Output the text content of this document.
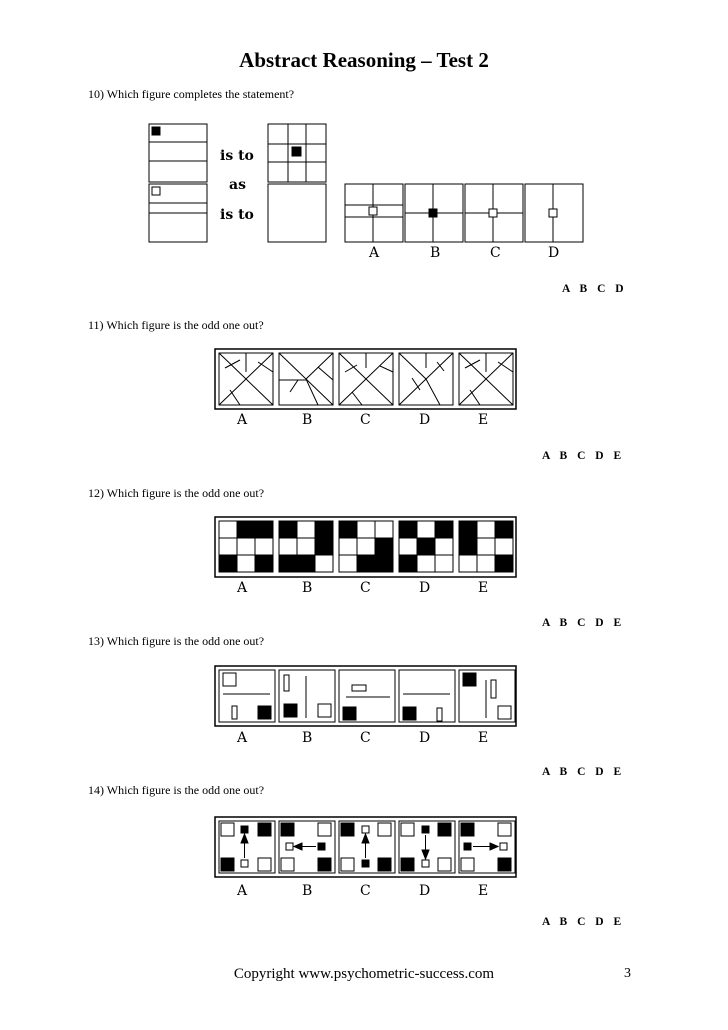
Abstract Reasoning – Test 2
10) Which figure completes the statement?
11) Which figure is the odd one out?
12) Which figure is the odd one out?
13) Which figure is the odd one out?
14) Which figure is the odd one out?
is to
as
is to
A	B	C	D
A	B	C	D	E
A	B	C	D	E
A	B	C	D	E
A	B	C	D	E
A B C D
A B C D E
A B C D E
A B C D E
A B C D E
Copyright www.psychometric-success.com	3
